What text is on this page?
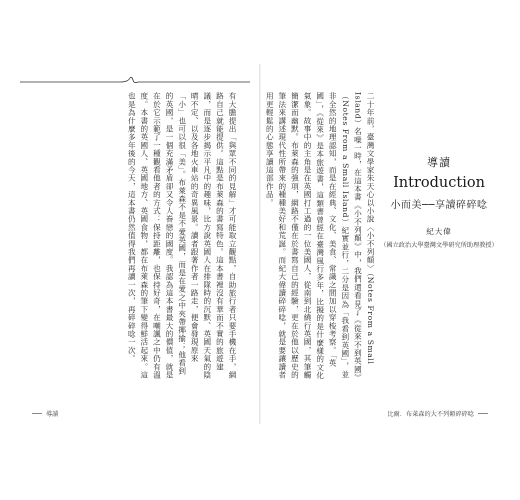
有大膽提出「與眾不同的見解」才可能取立觀點，自助旅行者只要手機在手，網路自己就能提供。這點是布萊森的書寫特色。這本書裡沒有華而不實的旅遊建議，而是逐步揭示平凡中的趣味，比方說英國人在排隊時的沉默、英國天氣的陰晴不定、以及各地火車站的奇異風景。讀者跟著作者一路走，便會發現原來「小」也可以很「美」。布萊森不是不愛英國，而是在愛之中夾帶揶揄；他看到的英國，是一個充滿矛盾卻又令人眷戀的國度。我認為這本書最大的價值，就是在於它示範了一種觀看他者的方式：保持距離，也保持好奇，在嘲諷之中仍有溫度。本書的英國人、英國地方、英國食物，都在布萊森的筆下變得鮮活起來。這也是為什麼多年後的今天，這本書仍然值得我們再讀一次，再碎碎唸一次。
導讀
二十年前，臺灣文學家朱天心以小說〈小不列顛〉（Notes From a Small Island）名噪一時，在這本書《小不列顛》中，我們還看見了《從來不到英國》（Notes From a Small Island）紀實並行，二分是因為「我看到英國」，並非全然的地理認知，而是在經典、文化、美食、常識之間加以穿梭考察。「英國」，《從來》是本旅遊書，這類書曾經在臺灣風行多年，比擬的是什麼樣的文化氣象。故事中的主角是在英國打工過的一位美國人，從南到北繞行英國，其筆觸簡潔而幽默。布萊森的強項，網路不僅在於書寫自己的經驗，更在於他以歷史的筆法來講述現代性所帶來的種種美好和荒誕。而紀大偉讀碎碎唸，就是要讓讀者用更輕鬆的心態享讀這部作品。	導讀
Introduction
小而美──享讀碎碎唸
紀大偉
（國立政治大學臺灣文學研究所助理教授）
比爾．布萊森的大不列顛碎碎唸
